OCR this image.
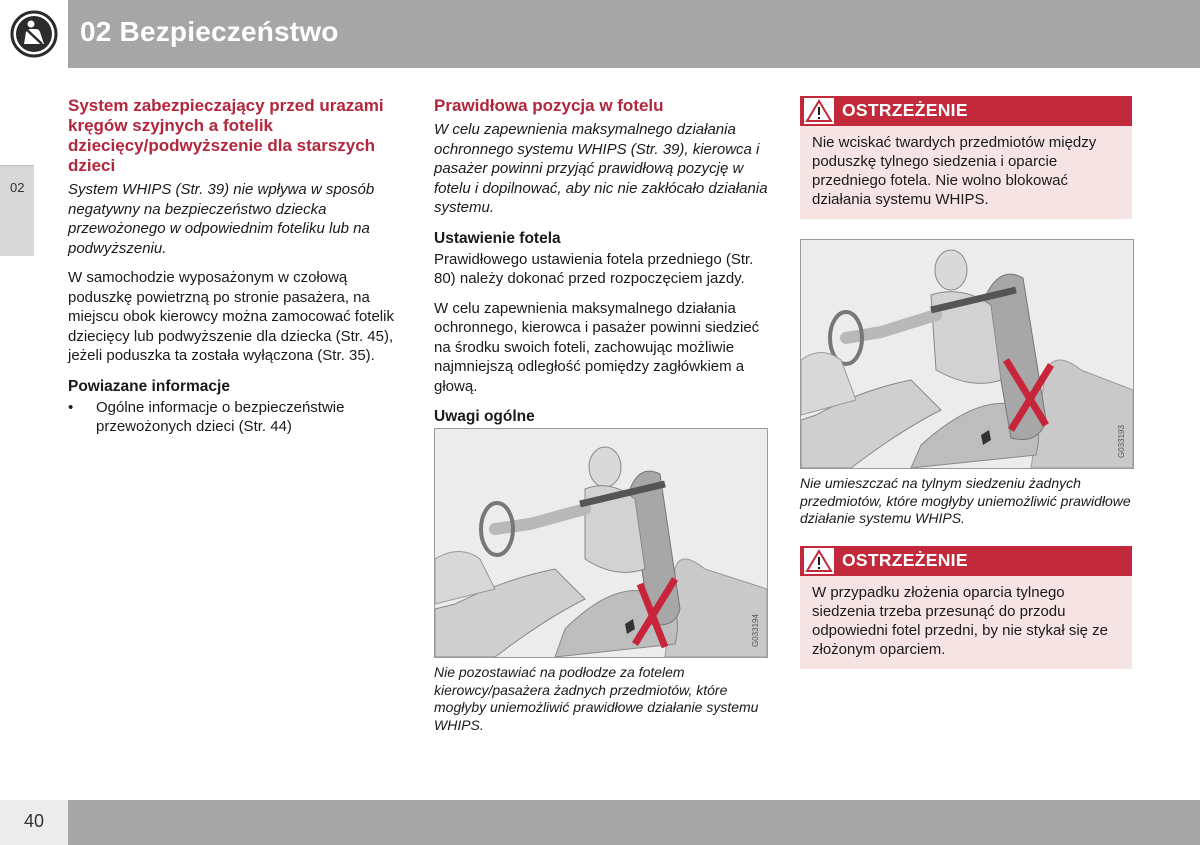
02 Bezpieczeństwo
02
System zabezpieczający przed urazami kręgów szyjnych a fotelik dziecięcy/podwyższenie dla starszych dzieci

System WHIPS (Str. 39) nie wpływa w sposób negatywny na bezpieczeństwo dziecka przewożonego w odpowiednim foteliku lub na podwyższeniu.

W samochodzie wyposażonym w czołową poduszkę powietrzną po stronie pasażera, na miejscu obok kierowcy można zamocować fotelik dziecięcy lub podwyższenie dla dziecka (Str. 45), jeżeli poduszka ta została wyłączona (Str. 35).

Powiazane informacje
•	Ogólne informacje o bezpieczeństwie przewożonych dzieci (Str. 44)
Prawidłowa pozycja w fotelu

W celu zapewnienia maksymalnego działania ochronnego systemu WHIPS (Str. 39), kierowca i pasażer powinni przyjąć prawidłową pozycję w fotelu i dopilnować, aby nic nie zakłócało działania systemu.

Ustawienie fotela

Prawidłowego ustawienia fotela przedniego (Str. 80) należy dokonać przed rozpoczęciem jazdy.

W celu zapewnienia maksymalnego działania ochronnego, kierowca i pasażer powinni siedzieć na środku swoich foteli, zachowując możliwie najmniejszą odległość pomiędzy zagłówkiem a głową.

Uwagi ogólne
G033194
Nie pozostawiać na podłodze za fotelem kierowcy/pasażera żadnych przedmiotów, które mogłyby uniemożliwić prawidłowe działanie systemu WHIPS.
OSTRZEŻENIE
Nie wciskać twardych przedmiotów między poduszkę tylnego siedzenia i oparcie przedniego fotela. Nie wolno blokować działania systemu WHIPS.
G033193
Nie umieszczać na tylnym siedzeniu żadnych przedmiotów, które mogłyby uniemożliwić prawidłowe działanie systemu WHIPS.
OSTRZEŻENIE
W przypadku złożenia oparcia tylnego siedzenia trzeba przesunąć do przodu odpowiedni fotel przedni, by nie stykał się ze złożonym oparciem.
40
